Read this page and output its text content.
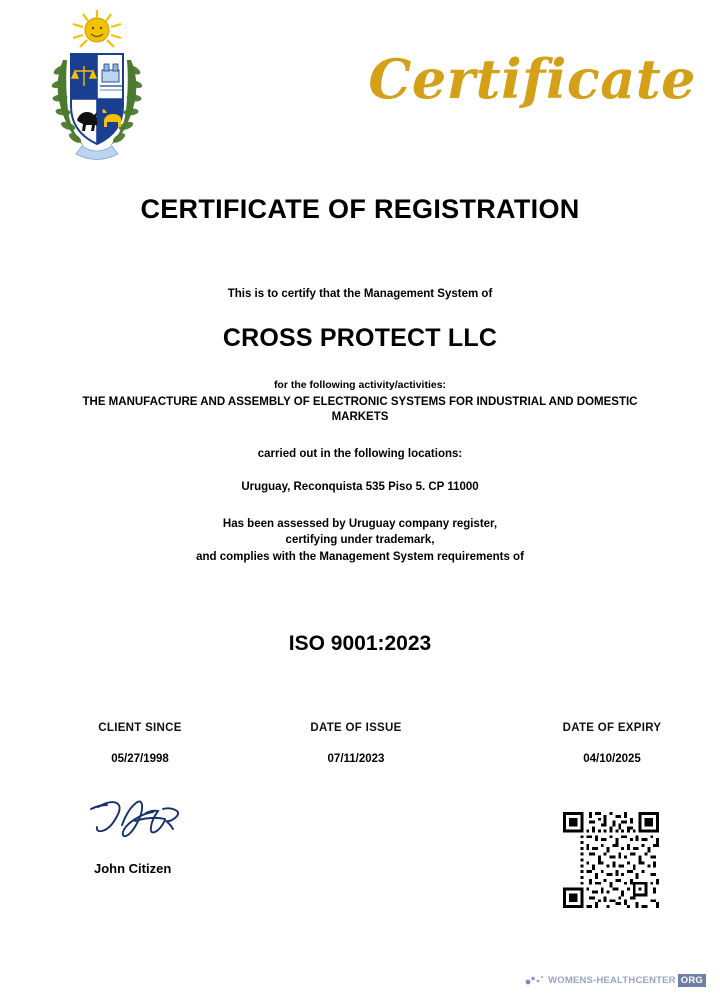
Certificate
CERTIFICATE OF REGISTRATION
This is to certify that the Management System of
CROSS PROTECT LLC
for the following activity/activities:
THE MANUFACTURE AND ASSEMBLY OF ELECTRONIC SYSTEMS FOR INDUSTRIAL AND DOMESTIC MARKETS
carried out in the following locations:
Uruguay, Reconquista 535 Piso 5. CP 11000
Has been assessed by Uruguay company register,
certifying under trademark,
and complies with the Management System requirements of
ISO 9001:2023
CLIENT SINCE
05/27/1998
DATE OF ISSUE
07/11/2023
DATE OF EXPIRY
04/10/2025
John Citizen
WOMENS-HEALTHCENTER ORG
